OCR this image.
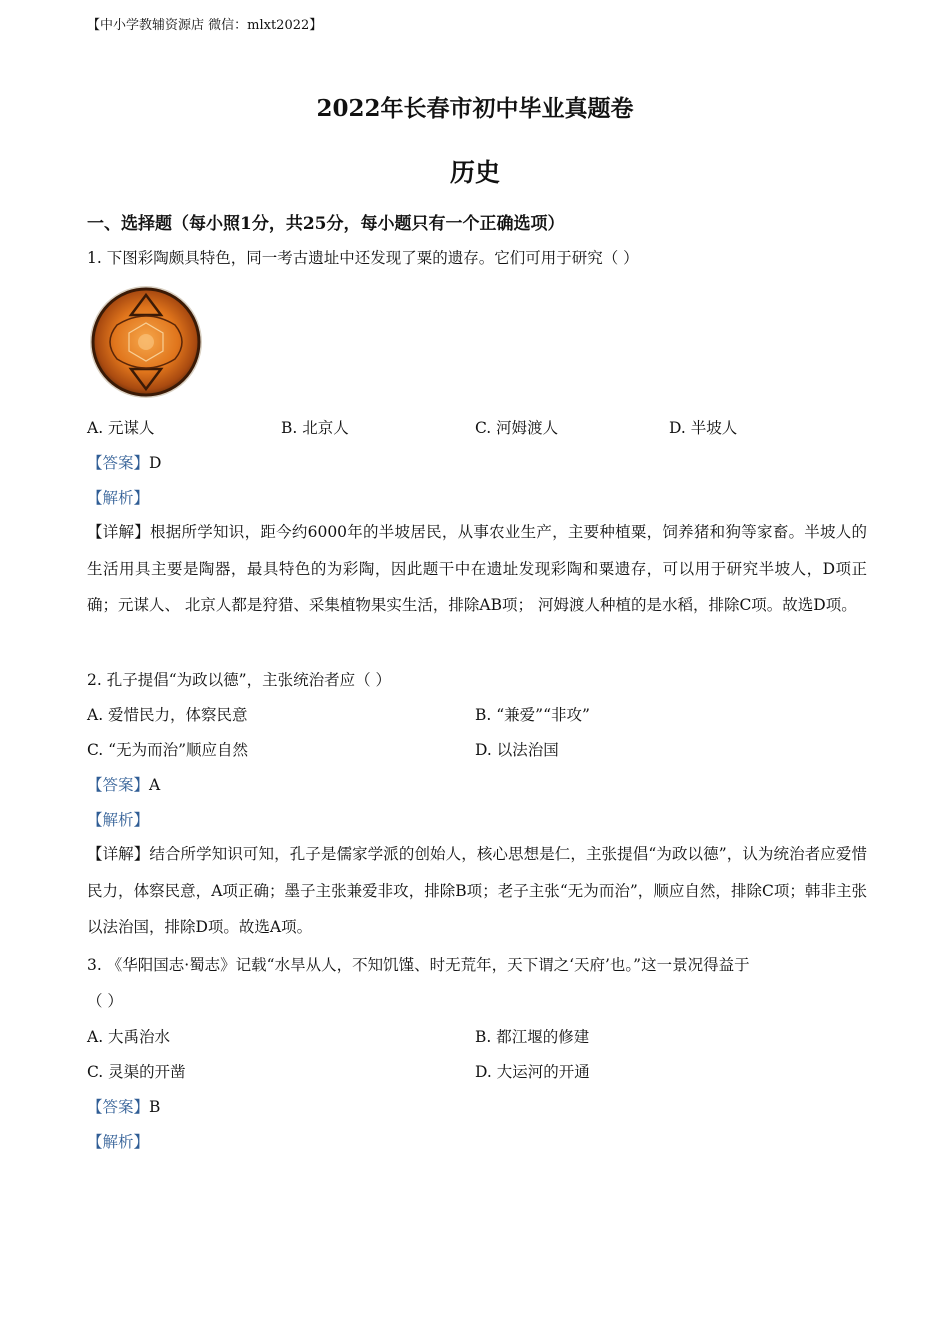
【中小学教辅资源店 微信：mlxt2022】
2022年长春市初中毕业真题卷
历史
一、选择题（每小照1分，共25分，每小题只有一个正确选项）
1. 下图彩陶颇具特色，同一考古遗址中还发现了粟的遗存。它们可用于研究（ ）
A. 元谋人	B. 北京人	C. 河姆渡人	D. 半坡人
【答案】D
【解析】
【详解】根据所学知识，距今约6000年的半坡居民，从事农业生产，主要种植粟，饲养猪和狗等家畜。半坡人的生活用具主要是陶器，最具特色的为彩陶，因此题干中在遗址发现彩陶和粟遗存，可以用于研究半坡人，D项正确；元谋人、 北京人都是狩猎、采集植物果实生活，排除AB项； 河姆渡人种植的是水稻，排除C项。故选D项。
2. 孔子提倡“为政以德”，主张统治者应（ ）
A. 爱惜民力，体察民意	B. “兼爱”“非攻”
C. “无为而治”顺应自然	D. 以法治国
【答案】A
【解析】
【详解】结合所学知识可知，孔子是儒家学派的创始人，核心思想是仁，主张提倡“为政以德”，认为统治者应爱惜民力，体察民意，A项正确；墨子主张兼爱非攻，排除B项；老子主张“无为而治”，顺应自然，排除C项；韩非主张以法治国，排除D项。故选A项。
3. 《华阳国志·蜀志》记载“水旱从人，不知饥馑、时无荒年，天下谓之‘天府’也。”这一景况得益于
（ ）
A. 大禹治水	B. 都江堰的修建
C. 灵渠的开凿	D. 大运河的开通
【答案】B
【解析】
